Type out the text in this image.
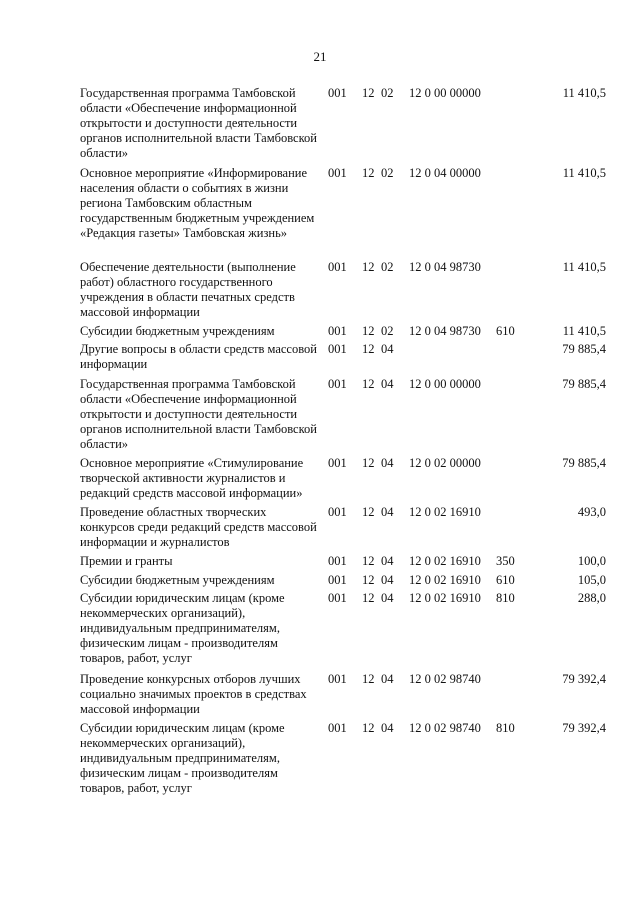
21
Государственная программа Тамбовской области «Обеспечение информационной открытости и доступности деятельности органов исполнительной власти Тамбовской области»
001 12 02 12 0 00 00000	11 410,5
Основное мероприятие «Информирование населения области о событиях в жизни региона Тамбовским областным государственным бюджетным учреждением «Редакция газеты» Тамбовская жизнь»
001 12 02 12 0 04 00000	11 410,5
Обеспечение деятельности (выполнение работ) областного государственного учреждения в области печатных средств массовой информации
001 12 02 12 0 04 98730	11 410,5
Субсидии бюджетным учреждениям	001 12 02 12 0 04 98730 610	11 410,5
Другие вопросы в области средств массовой информации
001 12 04	79 885,4
Государственная программа Тамбовской области «Обеспечение информационной открытости и доступности деятельности органов исполнительной власти Тамбовской области»
001 12 04 12 0 00 00000	79 885,4
Основное мероприятие «Стимулирование творческой активности журналистов и редакций средств массовой информации»
001 12 04 12 0 02 00000	79 885,4
Проведение областных творческих конкурсов среди редакций средств массовой информации и журналистов
001 12 04 12 0 02 16910	493,0
Премии и гранты	001 12 04 12 0 02 16910 350	100,0
Субсидии бюджетным учреждениям	001 12 04 12 0 02 16910 610	105,0
Субсидии юридическим лицам (кроме некоммерческих организаций), индивидуальным предпринимателям, физическим лицам - производителям товаров, работ, услуг
001 12 04 12 0 02 16910 810	288,0
Проведение конкурсных отборов лучших социально значимых проектов в средствах массовой информации
001 12 04 12 0 02 98740	79 392,4
Субсидии юридическим лицам (кроме некоммерческих организаций), индивидуальным предпринимателям, физическим лицам - производителям товаров, работ, услуг
001 12 04 12 0 02 98740 810	79 392,4
